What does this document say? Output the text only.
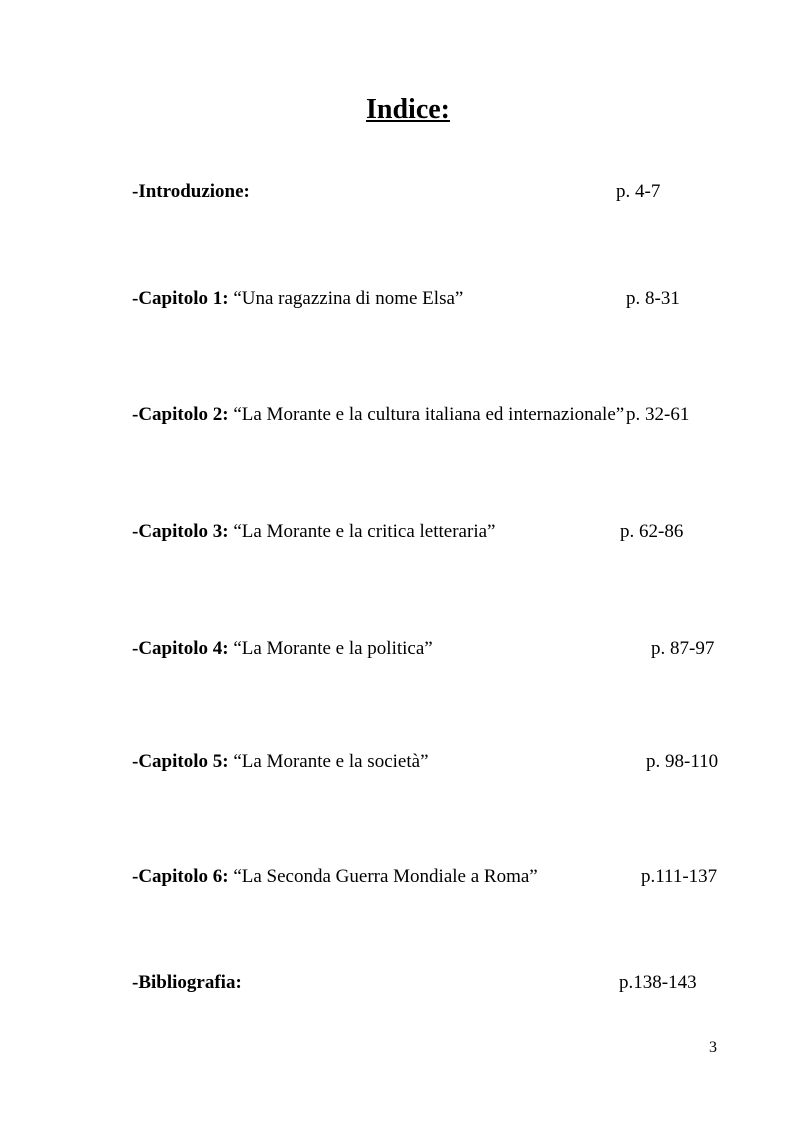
Indice:
-Introduzione:	p. 4-7
-Capitolo 1: “Una ragazzina di nome Elsa”	p. 8-31
-Capitolo 2: “La Morante e la cultura italiana ed internazionale” p. 32-61
-Capitolo 3: “La Morante e la critica letteraria”	p. 62-86
-Capitolo 4: “La Morante e la politica”	p. 87-97
-Capitolo 5: “La Morante e la società”	p. 98-110
-Capitolo 6: “La Seconda Guerra Mondiale a Roma”	p.111-137
-Bibliografia:	p.138-143
3
